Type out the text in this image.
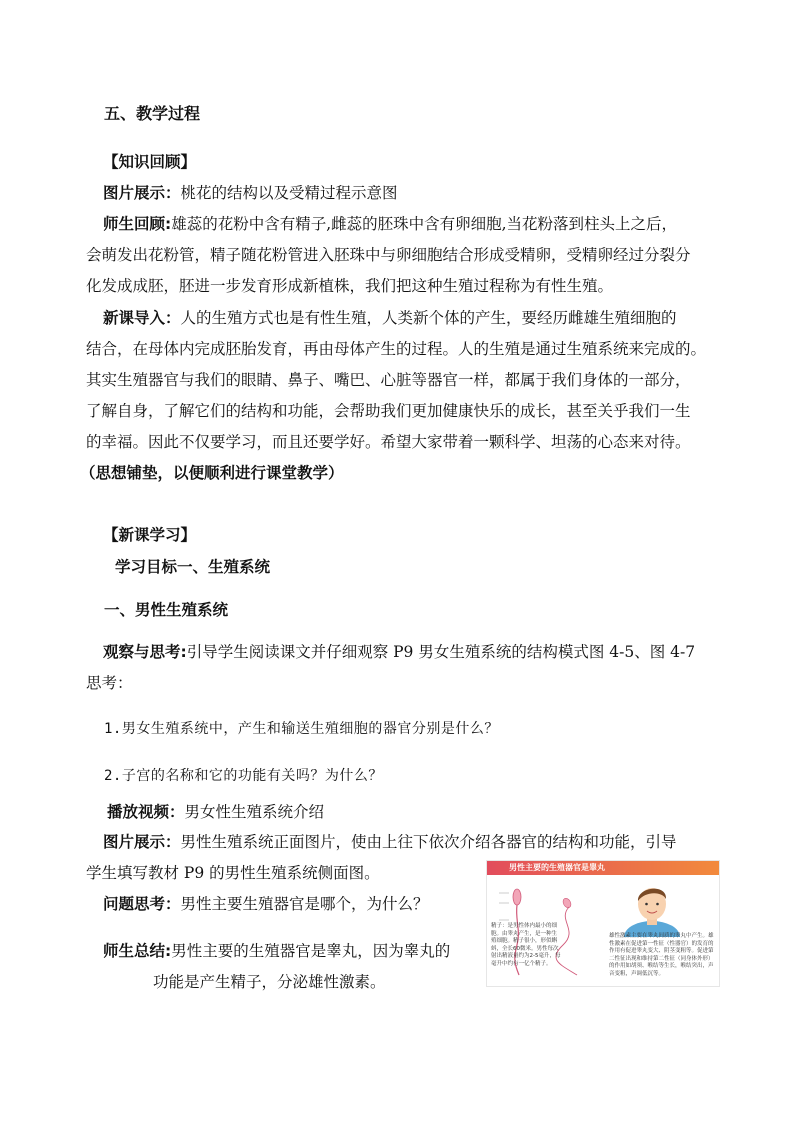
五、教学过程
【知识回顾】
图片展示：桃花的结构以及受精过程示意图
师生回顾:雄蕊的花粉中含有精子,雌蕊的胚珠中含有卵细胞,当花粉落到柱头上之后，
会萌发出花粉管，精子随花粉管进入胚珠中与卵细胞结合形成受精卵，受精卵经过分裂分
化发成成胚，胚进一步发育形成新植株，我们把这种生殖过程称为有性生殖。
新课导入：人的生殖方式也是有性生殖，人类新个体的产生，要经历雌雄生殖细胞的
结合，在母体内完成胚胎发育，再由母体产生的过程。人的生殖是通过生殖系统来完成的。
其实生殖器官与我们的眼睛、鼻子、嘴巴、心脏等器官一样，都属于我们身体的一部分，
了解自身，了解它们的结构和功能，会帮助我们更加健康快乐的成长，甚至关乎我们一生
的幸福。因此不仅要学习，而且还要学好。希望大家带着一颗科学、坦荡的心态来对待。
（思想铺垫，以便顺利进行课堂教学）
【新课学习】
学习目标一、生殖系统
一、男性生殖系统
观察与思考:引导学生阅读课文并仔细观察 P9 男女生殖系统的结构模式图 4-5、图 4-7
思考：
1.男女生殖系统中，产生和输送生殖细胞的器官分别是什么？
2.子宫的名称和它的功能有关吗？为什么？
播放视频：男女性生殖系统介绍
图片展示：男性生殖系统正面图片，使由上往下依次介绍各器官的结构和功能，引导
学生填写教材 P9 的男性生殖系统侧面图。
问题思考：男性主要生殖器官是哪个，为什么？
师生总结:男性主要的生殖器官是睾丸，因为睾丸的
功能是产生精子，分泌雄性激素。
男性主要的生殖器官是睾丸
精子：是男性体内最小的细胞。由睾丸产生，是一种生殖细胞。精子很小，形似蝌蚪，全长60微米。男性每次射出精液量约为2-5毫升，每毫升中约有一亿个精子。
雄性激素主要在睾丸间质的睾丸中产生。雄性激素在促进第一性征（性器官）的发育的作用有促进睾丸变大、阴茎变粗等。促进第二性征出现和维持第二性征（同身体外形）的作用如胡须、喉结等生长，喉结突出，声音变粗，声调低沉等。
